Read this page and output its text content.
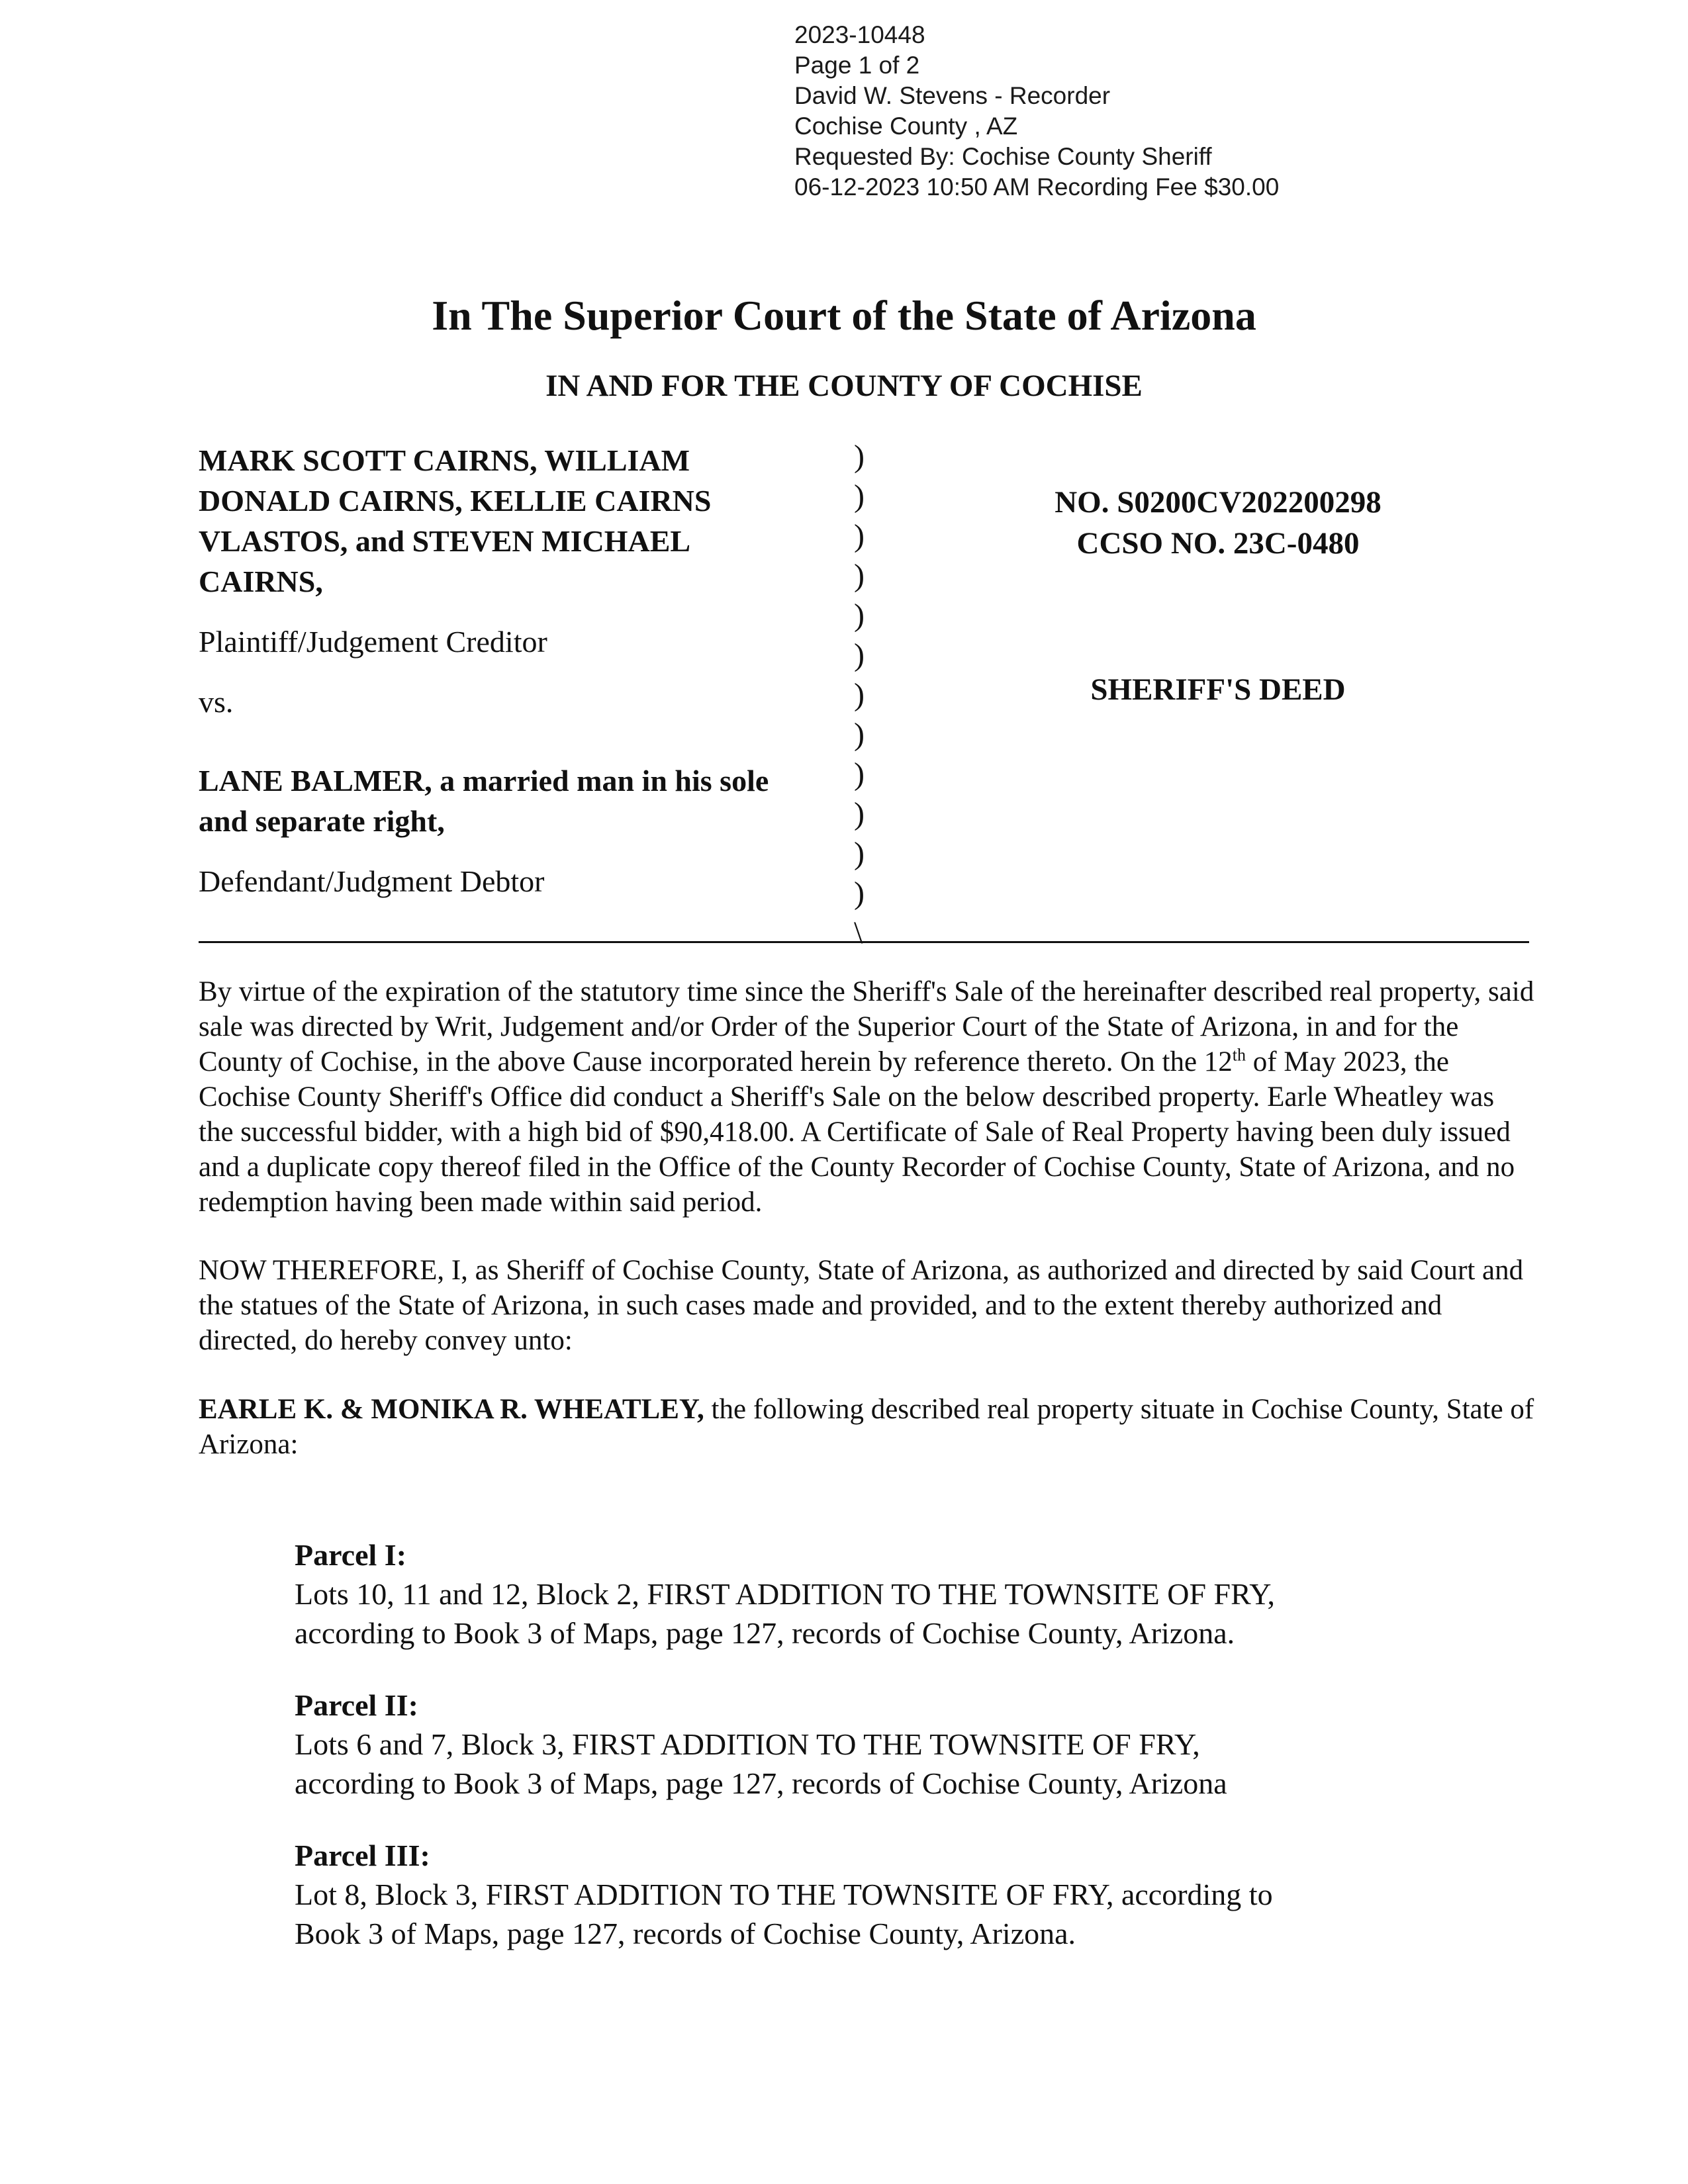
2023-10448
Page 1 of 2
David W. Stevens - Recorder
Cochise County , AZ
Requested By: Cochise County Sheriff
06-12-2023 10:50 AM Recording Fee $30.00
In The Superior Court of the State of Arizona
IN AND FOR THE COUNTY OF COCHISE
MARK SCOTT CAIRNS, WILLIAM
DONALD CAIRNS, KELLIE CAIRNS
VLASTOS, and STEVEN MICHAEL
CAIRNS,
Plaintiff/Judgement Creditor
vs.
LANE BALMER, a married man in his sole
and separate right,
Defendant/Judgment Debtor
)
)
)
)
)
)
)
)
)
)
)
)
\
NO. S0200CV202200298
CCSO NO. 23C-0480
SHERIFF'S DEED
By virtue of the expiration of the statutory time since the Sheriff's Sale of the hereinafter described real property, said sale was directed by Writ, Judgement and/or Order of the Superior Court of the State of Arizona, in and for the County of Cochise, in the above Cause incorporated herein by reference thereto. On the 12th of May 2023, the Cochise County Sheriff's Office did conduct a Sheriff's Sale on the below described property. Earle Wheatley was the successful bidder, with a high bid of $90,418.00. A Certificate of Sale of Real Property having been duly issued and a duplicate copy thereof filed in the Office of the County Recorder of Cochise County, State of Arizona, and no redemption having been made within said period.
NOW THEREFORE, I, as Sheriff of Cochise County, State of Arizona, as authorized and directed by said Court and the statues of the State of Arizona, in such cases made and provided, and to the extent thereby authorized and directed, do hereby convey unto:
EARLE K. & MONIKA R. WHEATLEY, the following described real property situate in Cochise County, State of Arizona:
Parcel I:
Lots 10, 11 and 12, Block 2, FIRST ADDITION TO THE TOWNSITE OF FRY,
according to Book 3 of Maps, page 127, records of Cochise County, Arizona.
Parcel II:
Lots 6 and 7, Block 3, FIRST ADDITION TO THE TOWNSITE OF FRY,
according to Book 3 of Maps, page 127, records of Cochise County, Arizona
Parcel III:
Lot 8, Block 3, FIRST ADDITION TO THE TOWNSITE OF FRY, according to
Book 3 of Maps, page 127, records of Cochise County, Arizona.
